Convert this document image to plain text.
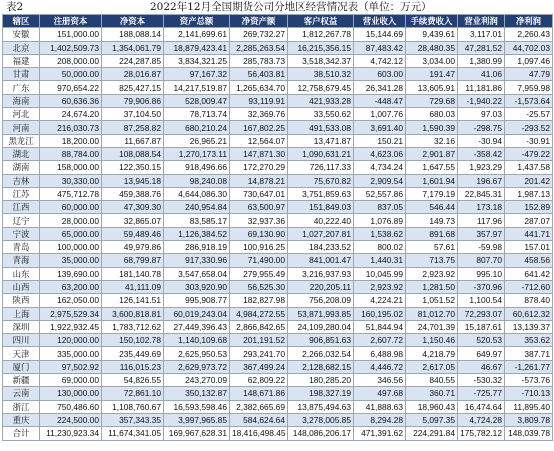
表2	2022年12月全国期货公司分地区经营情况表（单位：万元）
辖区	注册资本	净资本	资产总额	净资产额	客户权益	营业收入	手续费收入	营业利润	净利润
安徽	151,000.00	188,088.14	2,141,699.61	269,732.27	1,812,267.78	15,144.69	9,439.61	3,117.01	2,260.43
北京	1,402,509.73	1,354,061.79	18,879,423.41	2,285,263.54	16,215,356.15	87,483.42	28,480.35	47,281.52	44,702.03
福建	208,000.00	224,287.85	3,834,321.25	285,783.73	3,518,342.37	4,742.12	3,034.00	1,380.99	1,097.46
甘肃	50,000.00	28,016.87	97,167.32	56,403.81	38,510.32	603.00	191.47	41.06	47.79
广东	970,654.22	825,427.15	14,217,519.87	1,265,634.70	12,758,679.45	26,341.28	13,605.91	11,181.86	7,959.98
海南	60,636.36	79,906.86	528,009.47	93,119.91	421,933.28	-448.47	729.68	-1,940.22	-1,573.64
河北	24,674.20	37,104.50	78,713.74	32,369.76	33,550.62	1,007.76	680.03	97.03	-25.57
河南	216,030.73	87,258.82	680,210.24	167,802.25	491,533.08	3,691.40	1,590.39	-298.75	-293.52
黑龙江	18,200.00	11,667.87	26,965.21	12,564.07	13,471.87	150.21	32.16	-30.94	-30.91
湖北	88,784.00	108,088.54	1,270,173.11	147,871.30	1,090,631.21	4,623.06	2,901.87	-358.42	-479.22
湖南	158,000.00	122,350.15	918,496.66	172,270.29	726,117.33	4,734.24	1,647.55	1,923.29	1,437.58
吉林	30,330.00	13,945.18	98,240.08	14,878.21	75,670.82	2,909.54	1,601.94	196.67	201.42
江苏	475,712.78	459,388.76	4,644,086.30	730,647.01	3,751,859.63	52,557.86	7,179.19	22,845.31	1,987.13
江西	60,000.00	47,309.30	240,954.84	63,500.97	151,849.03	837.05	546.44	173.18	152.89
辽宁	28,000.00	32,865.07	83,585.17	32,937.36	40,222.40	1,076.89	149.73	117.96	287.07
宁波	65,000.00	59,489.46	1,126,384.52	69,130.90	1,027,207.81	1,538.62	891.68	357.97	441.71
青岛	100,000.00	49,979.86	286,918.19	100,916.25	184,233.52	800.02	57.61	-59.98	157.01
青海	35,000.00	68,799.87	917,330.96	71,490.00	841,001.47	1,440.31	713.75	807.70	458.56
山东	139,690.00	181,140.78	3,547,658.04	279,955.49	3,216,937.93	10,045.99	2,923.92	995.10	641.42
山西	63,200.00	41,111.09	303,920.90	56,525.30	220,205.11	2,923.92	1,281.50	-370.96	-712.60
陕西	162,050.00	126,141.51	995,908.77	182,827.98	756,208.09	4,224.21	1,051.52	1,100.54	878.40
上海	2,975,529.34	3,600,818.81	60,019,243.04	4,984,272.55	53,871,993.85	160,195.02	81,012.70	72,293.07	60,612.32
深圳	1,922,932.45	1,783,712.62	27,449,396.43	2,866,842.65	24,109,280.04	51,844.94	24,701.39	15,187.61	13,139.37
四川	120,000.00	150,102.78	1,140,109.68	201,191.52	906,851.63	2,607.72	1,150.46	520.53	353.62
天津	335,000.00	235,449.69	2,625,950.53	293,241.70	2,266,032.54	6,488.98	4,218.79	649.97	387.71
厦门	97,502.92	116,015.23	2,629,973.72	367,499.24	2,128,682.15	4,446.72	2,617.05	46.67	-1,261.77
新疆	69,000.00	54,826.55	243,270.09	62,809.22	180,285.20	346.56	840.55	-530.32	-573.76
云南	130,000.00	72,861.10	350,132.87	148,671.86	198,327.19	497.68	360.71	-725.77	-710.13
浙江	750,486.60	1,108,760.67	16,593,598.46	2,382,665.69	13,875,494.63	41,888.63	18,960.43	16,474.64	11,895.40
重庆	224,500.00	357,343.35	3,997,965.85	584,624.64	3,278,005.85	8,294.28	5,097.35	4,724.28	3,809.78
合计	11,230,923.34	11,674,341.05	169,967,628.31	18,416,498.45	148,086,206.17	471,391.62	224,291.84	175,782.12	148,039.78
